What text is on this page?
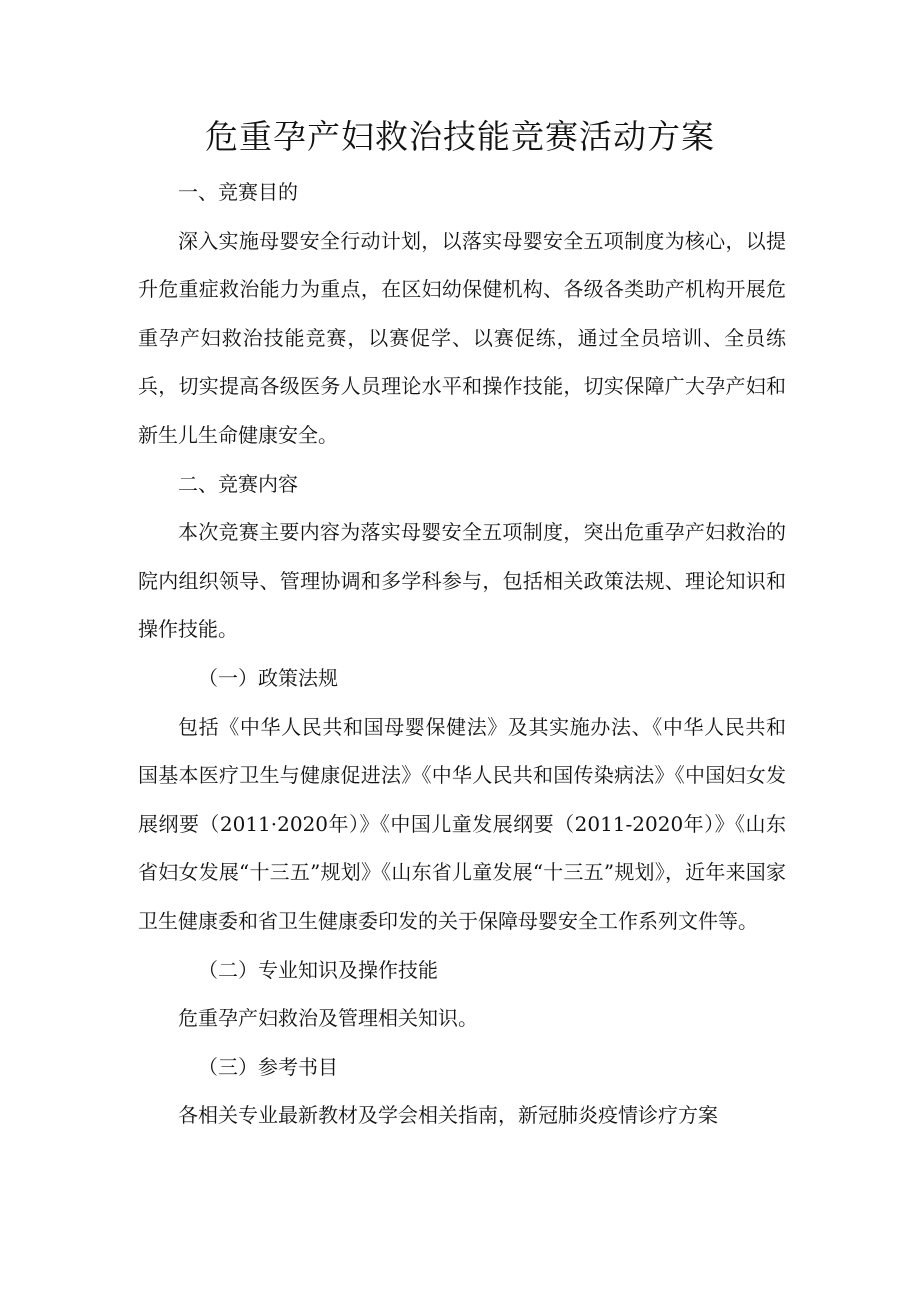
危重孕产妇救治技能竞赛活动方案

一、竞赛目的

深入实施母婴安全行动计划，以落实母婴安全五项制度为核心，以提升危重症救治能力为重点，在区妇幼保健机构、各级各类助产机构开展危重孕产妇救治技能竞赛，以赛促学、以赛促练，通过全员培训、全员练兵，切实提高各级医务人员理论水平和操作技能，切实保障广大孕产妇和新生儿生命健康安全。

二、竞赛内容

本次竞赛主要内容为落实母婴安全五项制度，突出危重孕产妇救治的院内组织领导、管理协调和多学科参与，包括相关政策法规、理论知识和操作技能。

（一）政策法规

包括《中华人民共和国母婴保健法》及其实施办法、《中华人民共和国基本医疗卫生与健康促进法》《中华人民共和国传染病法》《中国妇女发展纲要（2011·2020年）》《中国儿童发展纲要（2011-2020年）》《山东省妇女发展“十三五”规划》《山东省儿童发展“十三五”规划》，近年来国家卫生健康委和省卫生健康委印发的关于保障母婴安全工作系列文件等。

（二）专业知识及操作技能

危重孕产妇救治及管理相关知识。

（三）参考书目

各相关专业最新教材及学会相关指南，新冠肺炎疫情诊疗方案
